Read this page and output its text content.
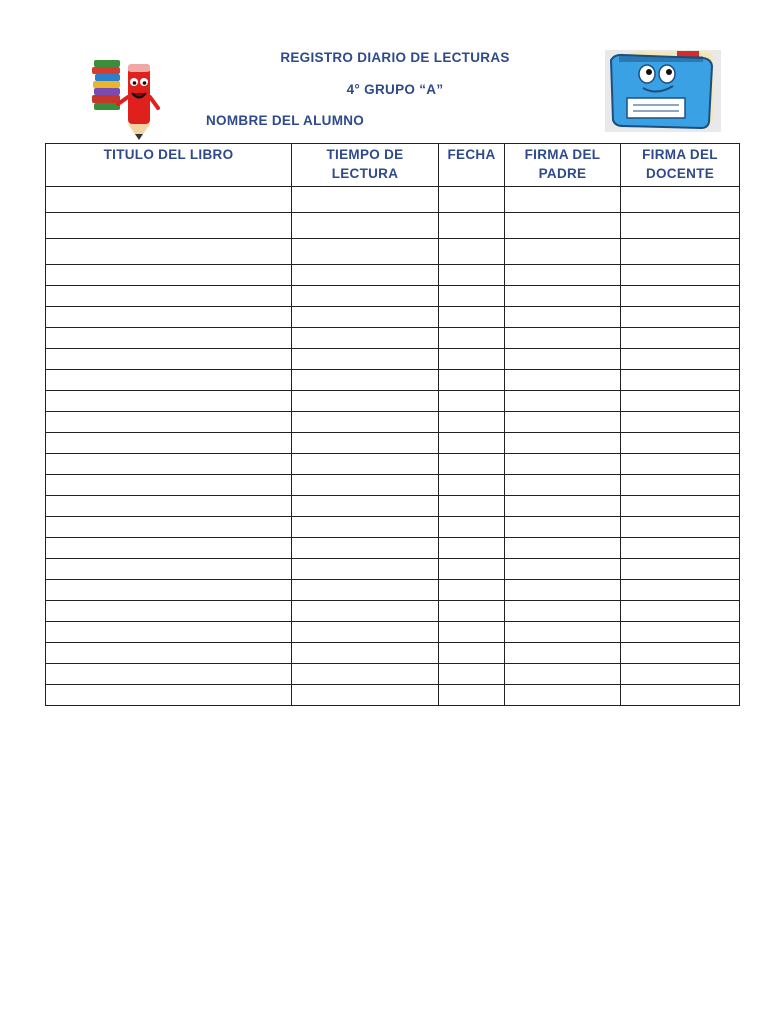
REGISTRO DIARIO DE LECTURAS
4° GRUPO “A”
NOMBRE DEL ALUMNO
TITULO DEL LIBRO	TIEMPO DE LECTURA	FECHA	FIRMA DEL PADRE	FIRMA DEL DOCENTE
